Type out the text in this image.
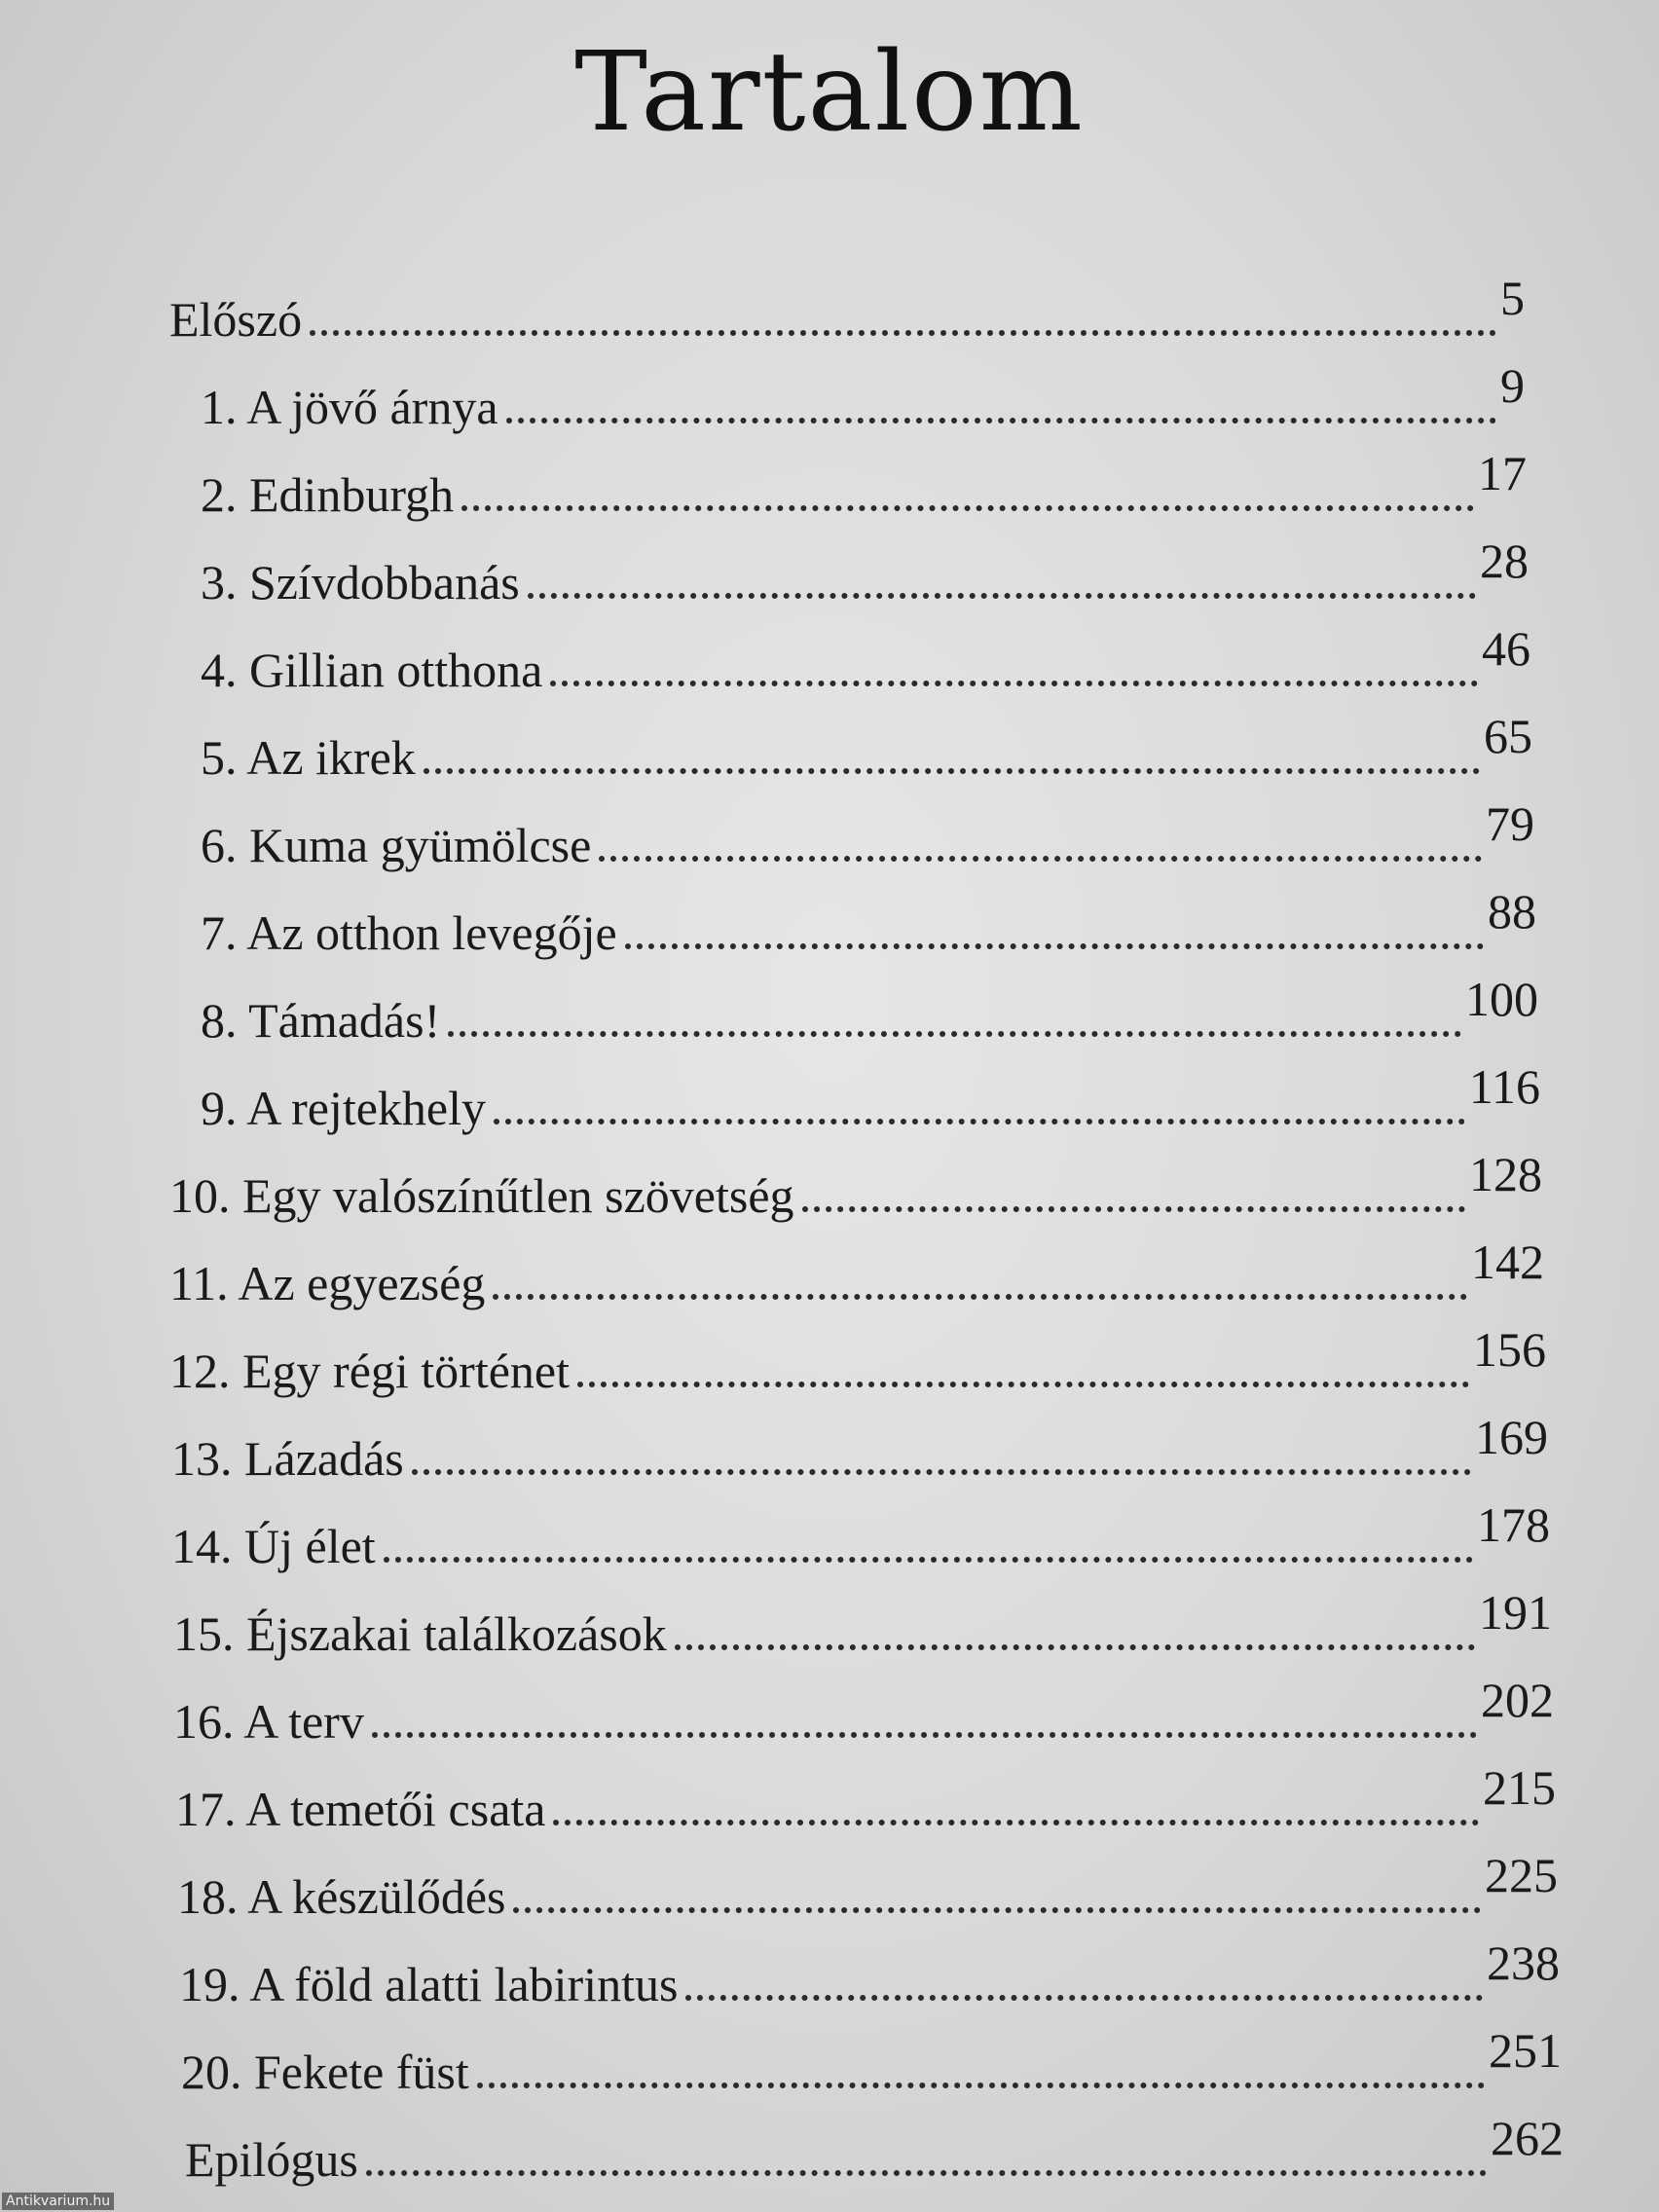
Tartalom
Előszó	5
1. A jövő árnya	9
2. Edinburgh	17
3. Szívdobbanás	28
4. Gillian otthona	46
5. Az ikrek	65
6. Kuma gyümölcse	79
7. Az otthon levegője	88
8. Támadás!	100
9. A rejtekhely	116
10. Egy valószínűtlen szövetség	128
11. Az egyezség	142
12. Egy régi történet	156
13. Lázadás	169
14. Új élet	178
15. Éjszakai találkozások	191
16. A terv	202
17. A temetői csata	215
18. A készülődés	225
19. A föld alatti labirintus	238
20. Fekete füst	251
Epilógus	262
Antikvarium.hu
